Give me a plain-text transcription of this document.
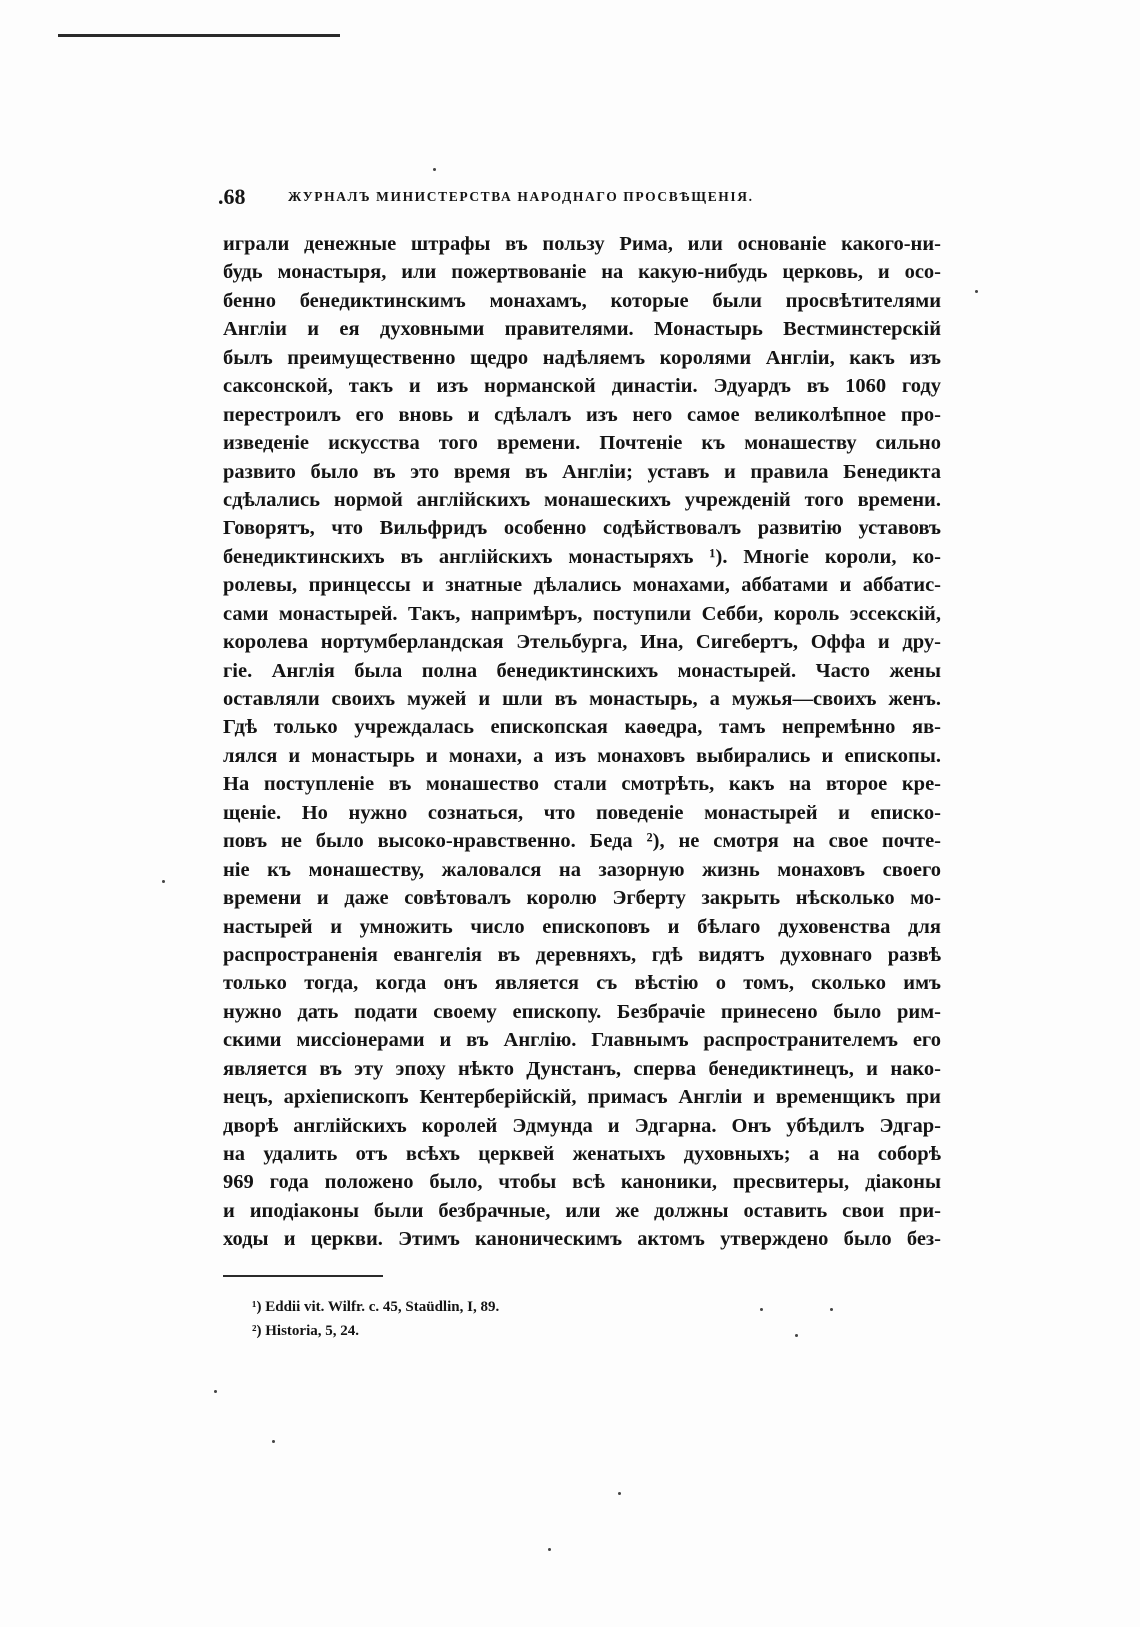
.68	ЖУРНАЛЪ МИНИСТЕРСТВА НАРОДНАГО ПРОСВѢЩЕНІЯ.
играли денежные штрафы въ пользу Рима, или основаніе какого-ни-
будь монастыря, или пожертвованіе на какую-нибудь церковь, и осо-
бенно бенедиктинскимъ монахамъ, которые были просвѣтителями
Англіи и ея духовными правителями. Монастырь Вестминстерскій
былъ преимущественно щедро надѣляемъ королями Англіи, какъ изъ
саксонской, такъ и изъ норманской династіи. Эдуардъ въ 1060 году
перестроилъ его вновь и сдѣлалъ изъ него самое великолѣпное про-
изведеніе искусства того времени. Почтеніе къ монашеству сильно
развито было въ это время въ Англіи; уставъ и правила Бенедикта
сдѣлались нормой англійскихъ монашескихъ учрежденій того времени.
Говорятъ, что Вильфридъ особенно содѣйствовалъ развитію уставовъ
бенедиктинскихъ въ англійскихъ монастыряхъ ¹). Многіе короли, ко-
ролевы, принцессы и знатные дѣлались монахами, аббатами и аббатис-
сами монастырей. Такъ, напримѣръ, поступили Себби, король эссекскій,
королева нортумберландская Этельбурга, Ина, Сигебертъ, Оффа и дру-
гіе. Англія была полна бенедиктинскихъ монастырей. Часто жены
оставляли своихъ мужей и шли въ монастырь, а мужья—своихъ женъ.
Гдѣ только учреждалась епископская каѳедра, тамъ непремѣнно яв-
лялся и монастырь и монахи, а изъ монаховъ выбирались и епископы.
На поступленіе въ монашество стали смотрѣть, какъ на второе кре-
щеніе. Но нужно сознаться, что поведеніе монастырей и еписко-
повъ не было высоко-нравственно. Беда ²), не смотря на свое почте-
ніе къ монашеству, жаловался на зазорную жизнь монаховъ своего
времени и даже совѣтовалъ королю Эгберту закрыть нѣсколько мо-
настырей и умножить число епископовъ и бѣлаго духовенства для
распространенія евангелія въ деревняхъ, гдѣ видятъ духовнаго развѣ
только тогда, когда онъ является съ вѣстію о томъ, сколько имъ
нужно дать подати своему епископу. Безбрачіе принесено было рим-
скими миссіонерами и въ Англію. Главнымъ распространителемъ его
является въ эту эпоху нѣкто Дунстанъ, сперва бенедиктинецъ, и нако-
нецъ, архіепископъ Кентерберійскій, примасъ Англіи и временщикъ при
дворѣ англійскихъ королей Эдмунда и Эдгарна. Онъ убѣдилъ Эдгар-
на удалить отъ всѣхъ церквей женатыхъ духовныхъ; а на соборѣ
969 года положено было, чтобы всѣ каноники, пресвитеры, діаконы
и иподіаконы были безбрачные, или же должны оставить свои при-
ходы и церкви. Этимъ каноническимъ актомъ утверждено было без-
¹) Eddii vit. Wilfr. c. 45, Staüdlin, I, 89.
²) Historia, 5, 24.
